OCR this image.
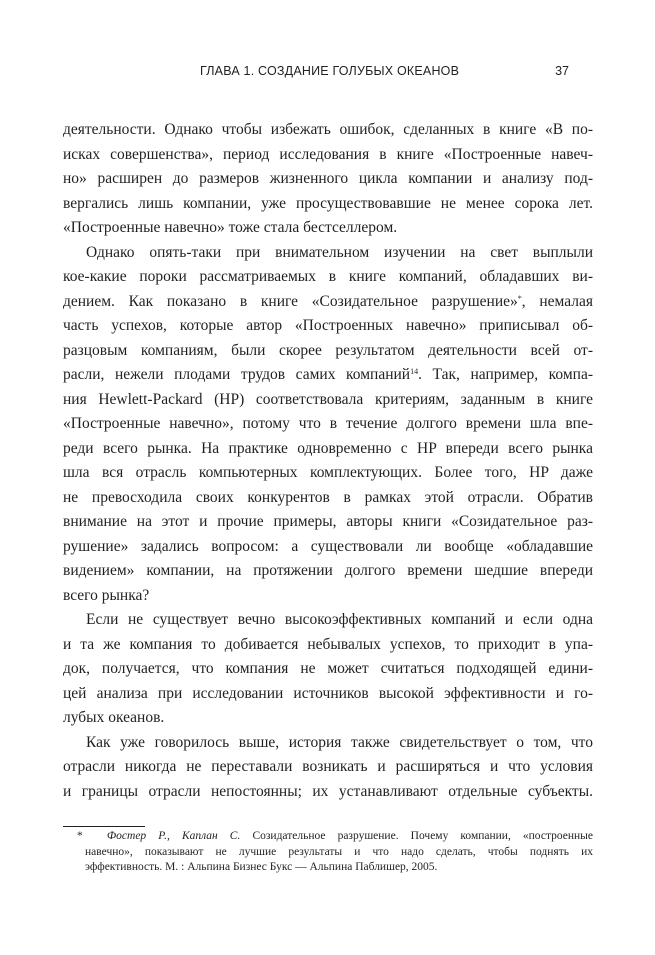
ГЛАВА 1. СОЗДАНИЕ ГОЛУБЫХ ОКЕАНОВ	37
деятельности. Однако чтобы избежать ошибок, сделанных в книге «В по-
исках совершенства», период исследования в книге «Построенные навеч-
но» расширен до размеров жизненного цикла компании и анализу под-
вергались лишь компании, уже просуществовавшие не менее сорока лет.
«Построенные навечно» тоже стала бестселлером.
Однако опять-таки при внимательном изучении на свет выплыли
кое-какие пороки рассматриваемых в книге компаний, обладавших ви-
дением. Как показано в книге «Созидательное разрушение»*, немалая
часть успехов, которые автор «Построенных навечно» приписывал об-
разцовым компаниям, были скорее результатом деятельности всей от-
расли, нежели плодами трудов самих компаний$^{14}$. Так, например, компа-
ния Hewlett-Packard (HP) соответствовала критериям, заданным в книге
«Построенные навечно», потому что в течение долгого времени шла впе-
реди всего рынка. На практике одновременно с HP впереди всего рынка
шла вся отрасль компьютерных комплектующих. Более того, HP даже
не превосходила своих конкурентов в рамках этой отрасли. Обратив
внимание на этот и прочие примеры, авторы книги «Созидательное раз-
рушение» задались вопросом: а существовали ли вообще «обладавшие
видением» компании, на протяжении долгого времени шедшие впереди
всего рынка?
Если не существует вечно высокоэффективных компаний и если одна
и та же компания то добивается небывалых успехов, то приходит в упа-
док, получается, что компания не может считаться подходящей едини-
цей анализа при исследовании источников высокой эффективности и го-
лубых океанов.
Как уже говорилось выше, история также свидетельствует о том, что
отрасли никогда не переставали возникать и расширяться и что условия
и границы отрасли непостоянны; их устанавливают отдельные субъекты.
* Фостер Р., Каплан С. Созидательное разрушение. Почему компании, «построенные
навечно», показывают не лучшие результаты и что надо сделать, чтобы поднять их
эффективность. М. : Альпина Бизнес Букс — Альпина Паблишер, 2005.
